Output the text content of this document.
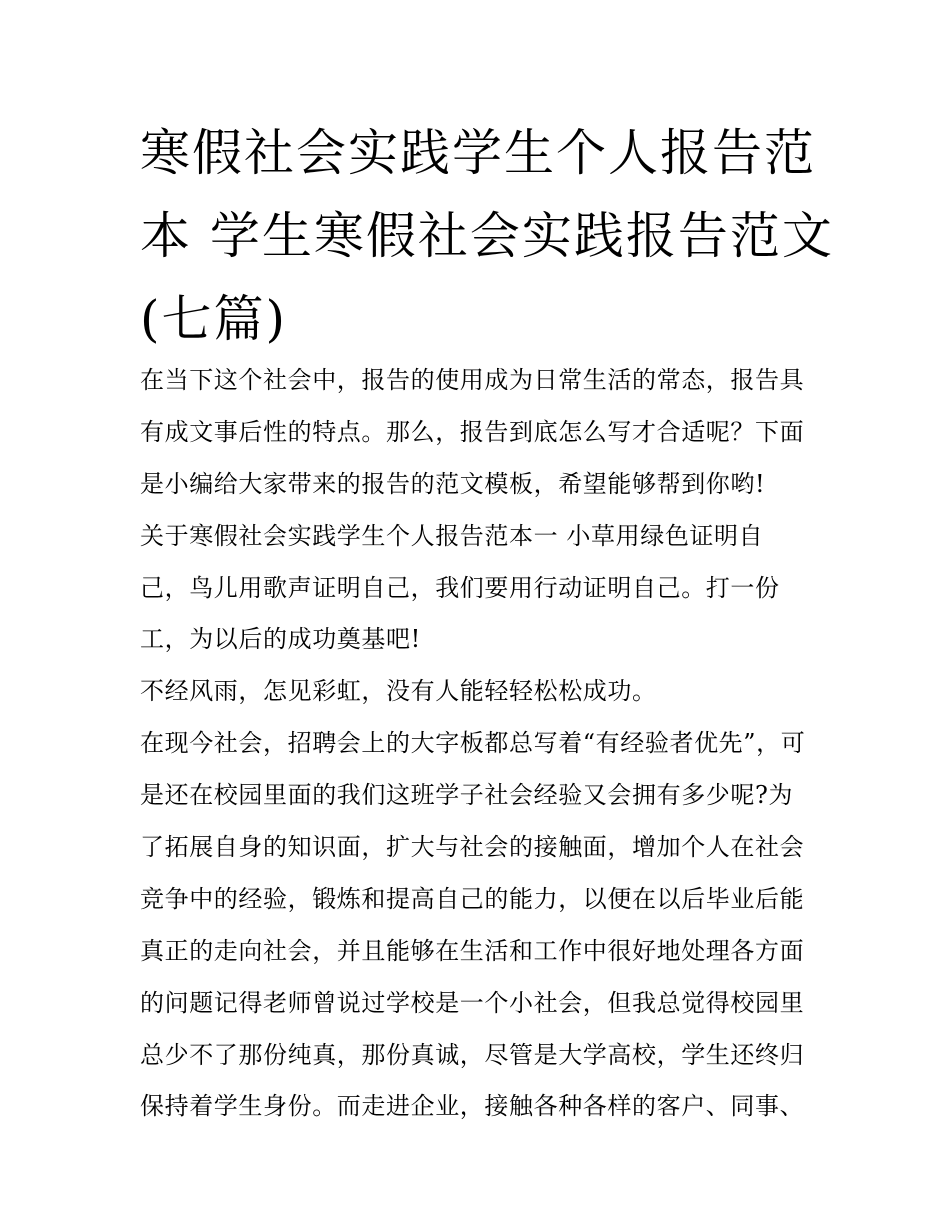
寒假社会实践学生个人报告范
本 学生寒假社会实践报告范文
(七篇)
在当下这个社会中，报告的使用成为日常生活的常态，报告具
有成文事后性的特点。那么，报告到底怎么写才合适呢？下面
是小编给大家带来的报告的范文模板，希望能够帮到你哟!
关于寒假社会实践学生个人报告范本一 小草用绿色证明自
己，鸟儿用歌声证明自己，我们要用行动证明自己。打一份
工，为以后的成功奠基吧!
不经风雨，怎见彩虹，没有人能轻轻松松成功。
在现今社会，招聘会上的大字板都总写着“有经验者优先”，可
是还在校园里面的我们这班学子社会经验又会拥有多少呢?为
了拓展自身的知识面，扩大与社会的接触面，增加个人在社会
竞争中的经验，锻炼和提高自己的能力，以便在以后毕业后能
真正的走向社会，并且能够在生活和工作中很好地处理各方面
的问题记得老师曾说过学校是一个小社会，但我总觉得校园里
总少不了那份纯真，那份真诚，尽管是大学高校，学生还终归
保持着学生身份。而走进企业，接触各种各样的客户、同事、
